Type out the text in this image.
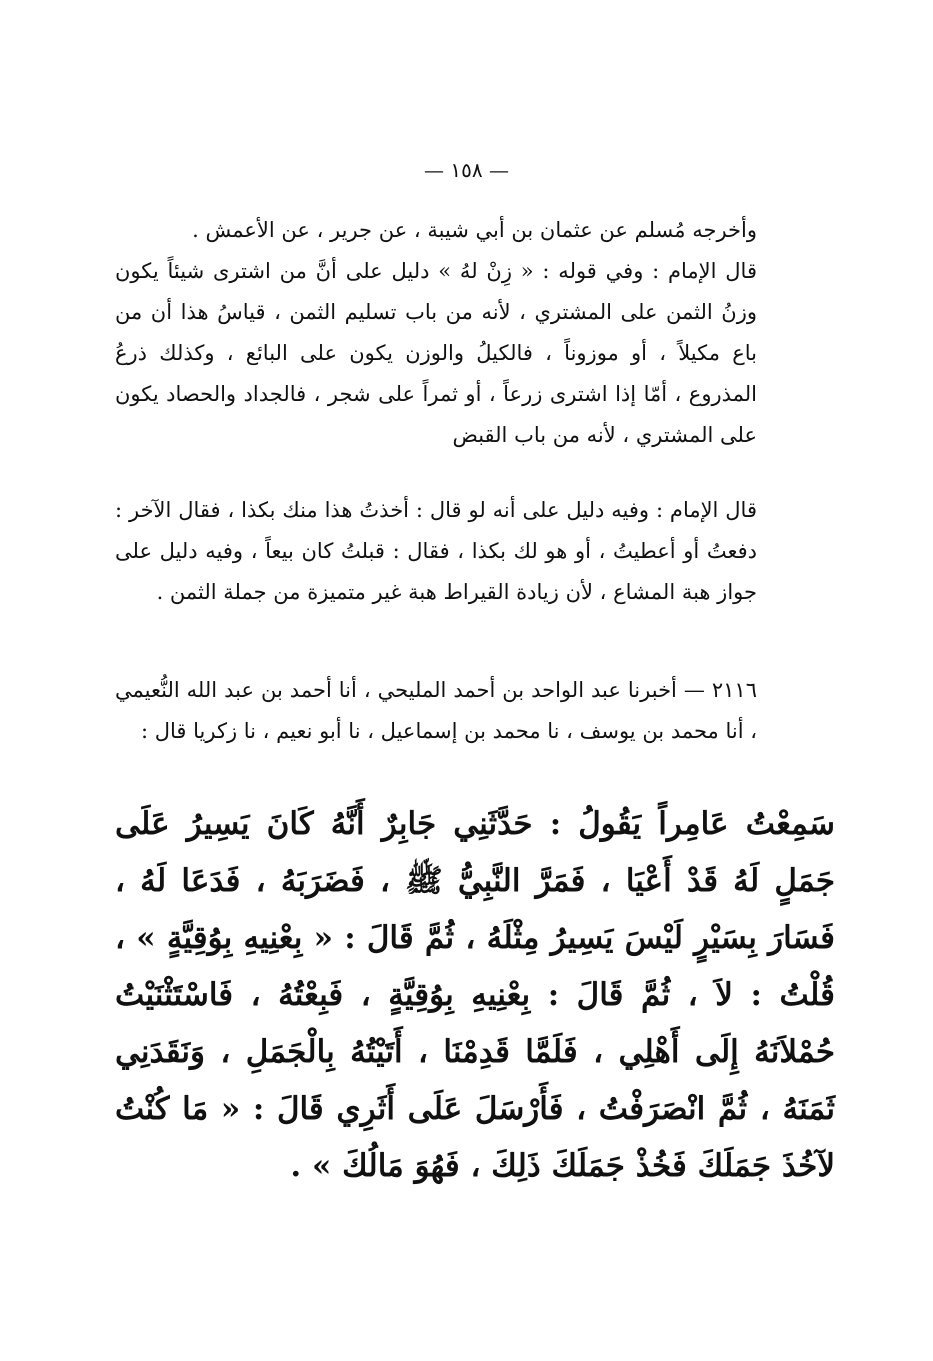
— ١٥٨ —

وأخرجه مُسلم عن عثمان بن أبي شيبة ، عن جرير ، عن الأعمش .

قال الإمام : وفي قوله : « زِنْ لهُ » دليل على أنَّ من اشترى شيئاً يكون وزنُ الثمن على المشتري ، لأنه من باب تسليم الثمن ، قياسُ هذا أن من باع مكيلاً ، أو موزوناً ، فالكيلُ والوزن يكون على البائع ، وكذلك ذرعُ المذروع ، أمّا إذا اشترى زرعاً ، أو ثمراً على شجر ، فالجداد والحصاد يكون على المشتري ، لأنه من باب القبض

قال الإمام : وفيه دليل على أنه لو قال : أخذتُ هذا منك بكذا ، فقال الآخر : دفعتُ أو أعطيتُ ، أو هو لك بكذا ، فقال : قبلتُ كان بيعاً ، وفيه دليل على جواز هبة المشاع ، لأن زيادة القيراط هبة غير متميزة من جملة الثمن .

٢١١٦ — أخبرنا عبد الواحد بن أحمد المليحي ، أنا أحمد بن عبد الله النُّعيمي ، أنا محمد بن يوسف ، نا محمد بن إسماعيل ، نا أبو نعيم ، نا زكريا قال :

سَمِعْتُ عَامِراً يَقُولُ : حَدَّثَنِي جَابِرٌ أَنَّهُ كَانَ يَسِيرُ عَلَى جَمَلٍ لَهُ قَدْ أَعْيَا ، فَمَرَّ النَّبِيُّ ﷺ ، فَضَرَبَهُ ، فَدَعَا لَهُ ، فَسَارَ بِسَيْرٍ لَيْسَ يَسِيرُ مِثْلَهُ ، ثُمَّ قَالَ : « بِعْنِيهِ بِوُقِيَّةٍ » ، قُلْتُ : لاَ ، ثُمَّ قَالَ : بِعْنِيهِ بِوُقِيَّةٍ ، فَبِعْتُهُ ، فَاسْتَثْنَيْتُ حُمْلاَنَهُ إِلَى أَهْلِي ، فَلَمَّا قَدِمْنَا ، أَتَيْتُهُ بِالْجَمَلِ ، وَنَقَدَنِي ثَمَنَهُ ، ثُمَّ انْصَرَفْتُ ، فَأَرْسَلَ عَلَى أَثَرِي قَالَ : « مَا كُنْتُ لآخُذَ جَمَلَكَ فَخُذْ جَمَلَكَ ذَلِكَ ، فَهُوَ مَالُكَ » .
